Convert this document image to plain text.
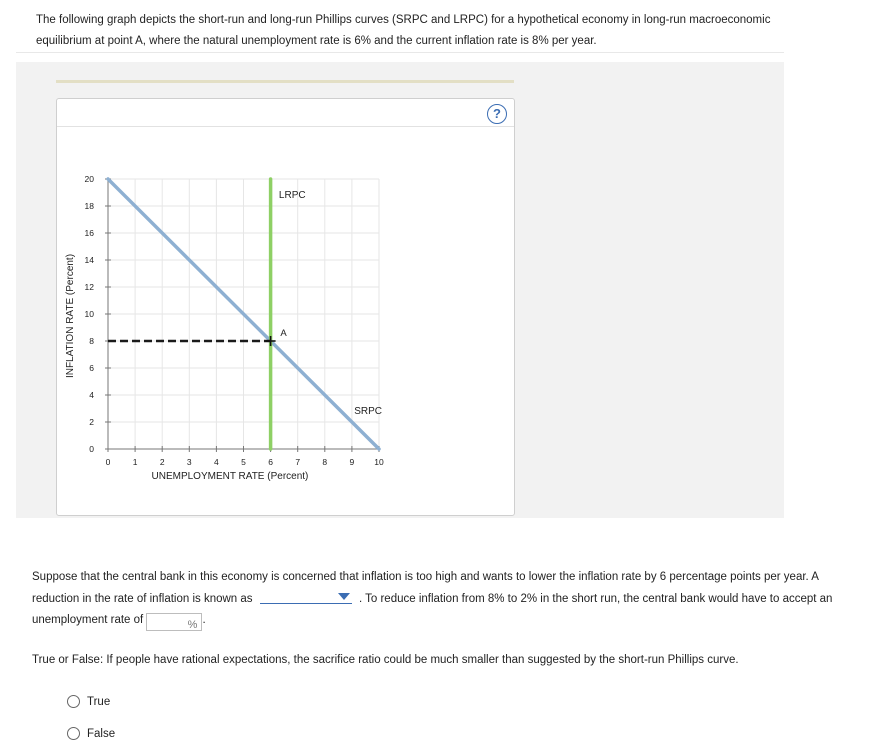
The following graph depicts the short-run and long-run Phillips curves (SRPC and LRPC) for a hypothetical economy in long-run macroeconomic equilibrium at point A, where the natural unemployment rate is 6% and the current inflation rate is 8% per year.
?
0	1	2	3	4	5	6	7	8	9 10
0
2
4
6
8
10
12
14
16
18
20
UNEMPLOYMENT RATE (Percent)
INFLATION RATE (Percent)	A
LRPC
SRPC
Suppose that the central bank in this economy is concerned that inflation is too high and wants to lower the inflation rate by 6 percentage points per year. A reduction in the rate of inflation is known as	. To reduce inflation from 8% to 2% in the short run, the central bank would have to accept an unemployment rate of	% .
True or False: If people have rational expectations, the sacrifice ratio could be much smaller than suggested by the short-run Phillips curve.
True
False
